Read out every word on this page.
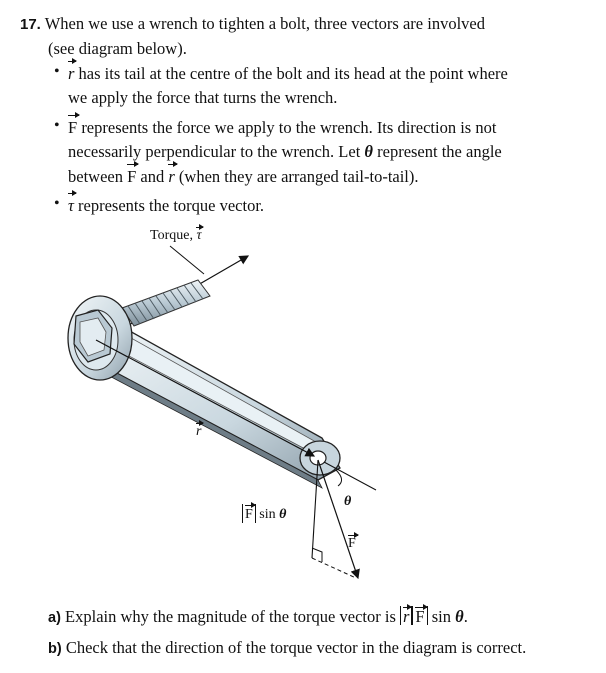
17. When we use a wrench to tighten a bolt, three vectors are involved
(see diagram below).
• r has its tail at the centre of the bolt and its head at the point where
we apply the force that turns the wrench.
• F represents the force we apply to the wrench. Its direction is not
necessarily perpendicular to the wrench. Let θ represent the angle
between F and r (when they are arranged tail-to-tail).
• τ represents the torque vector.
Torque, τ
r
F sin θ
θ
F
a) Explain why the magnitude of the torque vector is r F sin θ.
b) Check that the direction of the torque vector in the diagram is correct.
